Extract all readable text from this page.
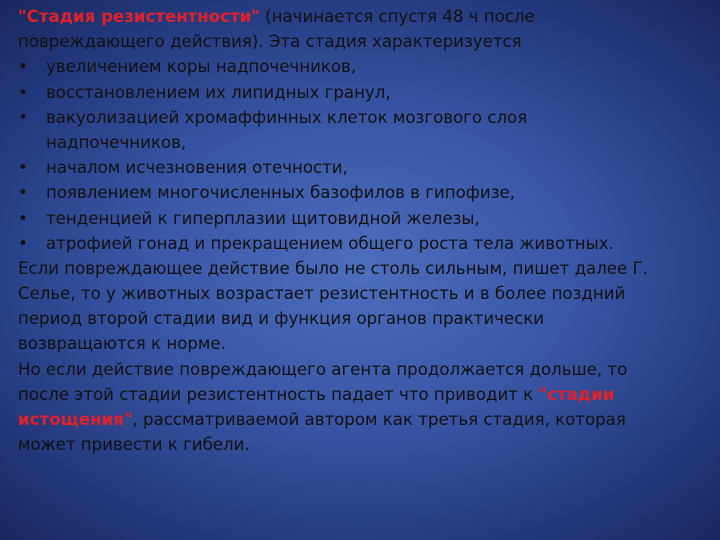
"Стадия резистентности" (начинается спустя 48 ч после
повреждающего действия). Эта стадия характеризуется
• увеличением коры надпочечников,
• восстановлением их липидных гранул,
• вакуолизацией хромаффинных клеток мозгового слоя
надпочечников,
• началом исчезновения отечности,
• появлением многочисленных базофилов в гипофизе,
• тенденцией к гиперплазии щитовидной железы,
• атрофией гонад и прекращением общего роста тела животных.
Если повреждающее действие было не столь сильным, пишет далее Г.
Селье, то у животных возрастает резистентность и в более поздний
период второй стадии вид и функция органов практически
возвращаются к норме.
Но если действие повреждающего агента продолжается дольше, то
после этой стадии резистентность падает что приводит к "стадии
истощения", рассматриваемой автором как третья стадия, которая
может привести к гибели.
